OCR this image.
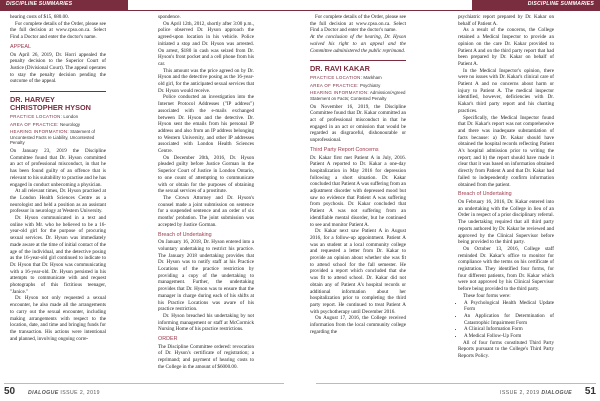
DISCIPLINE SUMMARIES	DISCIPLINE SUMMARIES

hearing costs of $15, 680.00.

For complete details of the Order, please see the full decision at www.cpso.on.ca. Select Find a Doctor and enter the doctor's name.

APPEAL

On April 26, 2019, Dr. Horri appealed the penalty decision to the Superior Court of Justice (Divisional Court). The appeal operates to stay the penalty decision pending the outcome of the appeal.

DR. HARVEY CHRISTOPHER HYSON
PRACTICE LOCATION: London
AREA OF PRACTICE: Neurology
HEARING INFORMATION: Statement of Uncontested Facts re Liability, Uncontested Penalty

On January 23, 2019 the Discipline Committee found that Dr. Hyson committed an act of professional misconduct, in that he has been found guilty of an offence that is relevant to his suitability to practise and he has engaged in conduct unbecoming a physician.

At all relevant times, Dr. Hyson practised at the London Health Sciences Centre as a neurologist and held a position as an assistant professor in neurology at Western University.

Dr. Hyson communicated in a text and online with Mr. who he believed to be a 16-year-old girl for the purpose of procuring sexual services. Dr. Hyson was immediately made aware at the time of initial contact of the age of the individual, and the detective posing as the 16-year-old girl continued to indicate to Dr. Hyson that Dr. Hyson was communicating with a 16-year-old. Dr. Hyson persisted in his attempts to communicate with and request photographs of this fictitious teenager, "Janice."

Dr. Hyson not only requested a sexual encounter, he also made all the arrangements to carry out the sexual encounter, including making arrangements with respect to the location, date, and time and bringing funds for the transaction. His actions were intentional and planned, involving ongoing corre-

spondence.

On April 12th, 2012, shortly after 3:00 p.m., police observed Dr. Hyson approach the agreed-upon location in his vehicle. Police initiated a stop and Dr. Hyson was arrested. On arrest, $180 in cash was seized from Dr. Hyson's front pocket and a cell phone from his car.

This amount was the price agreed on by Dr. Hyson and the detective posing as the 16-year-old girl, for the anticipated sexual services that Dr. Hyson would receive.

Police conducted an investigation into the Internet Protocol Addresses ("IP address") associated with the e-mails exchanged between Dr. Hyson and the detective. Dr. Hyson sent the emails from his personal IP address and also from an IP address belonging to Western University, and other IP addresses associated with London Health Sciences Centre.

On December 20th, 2016, Dr. Hyson pleaded guilty before Justice Gorman in the Superior Court of Justice in London Ontario, to one count of attempting to communicate with or obtain for the purposes of obtaining the sexual services of a prostitute.

The Crown Attorney and Dr. Hyson's counsel made a joint submission on sentence for a suspended sentence and an order of six months' probation. The joint submission was accepted by Justice Gorman.

Breach of Undertaking

On January 16, 2018, Dr. Hyson entered into a voluntary undertaking to restrict his practice. The January 2018 undertaking provides that Dr. Hyson was to notify staff at his Practice Locations of the practice restriction by providing a copy of the undertaking to management. Further, the undertaking provides that Dr. Hyson was to ensure that the manager in charge during each of his shifts at his Practice Locations was aware of his practice restriction.

Dr. Hyson breached his undertaking by not informing management or staff at McCormick Nursing Home of his practice restrictions.

ORDER

The Discipline Committee ordered: revocation of Dr. Hyson's certificate of registration; a reprimand; and payment of hearing costs to the College in the amount of $6000.00.

For complete details of the Order, please see the full decision at www.cpso.on.ca. Select Find a Doctor and enter the doctor's name.

At the conclusion of the hearing, Dr. Hyson waived his right to an appeal and the Committee administered the public reprimand.

DR. RAVI KAKAR
PRACTICE LOCATION: Markham
AREA OF PRACTICE: Psychiatry
HEARING INFORMATION: Admission/Agreed Statement on Facts; Contested Penalty

On November 16, 2019, the Discipline Committee found that Dr. Kakar committed an act of professional misconduct in that he engaged in an act or omission that would be regarded as disgraceful, dishonourable or unprofessional.

Third Party Report Concerns

Dr. Kakar first met Patient A in July, 2016. Patient A reported to Dr. Kakar a one-day hospitalization in May 2016 for depression following a short situation. Dr. Kakar concluded that Patient A was suffering from an adjustment disorder with depressed mood but saw no evidence that Patient A was suffering from psychosis. Dr. Kakar concluded that Patient A was not suffering from an identifiable mental disorder, but he continued to see and monitor Patient A.

Dr. Kakar next saw Patient A in August 2016, for a follow-up appointment. Patient A was an student at a local community college and requested a letter from Dr. Kakar to provide an opinion about whether she was fit to attend school for the fall semester. He provided a report which concluded that she was fit to attend school. Dr. Kakar did not obtain any of Patient A's hospital records or additional information about her hospitalization prior to completing the third party report. He continued to treat Patient A with psychotherapy until December 2016.

On August 17, 2016, the College received information from the local community college regarding the

psychiatric report prepared by Dr. Kakar on behalf of Patient A.

As a result of the concerns, the College retained a Medical Inspector to provide an opinion on the care Dr. Kakar provided to Patient A and on the third party report that had been prepared by Dr. Kakar on behalf of Patient A.

In the Medical Inspector's opinion, there were no issues with Dr. Kakar's clinical care of Patient A and no concerns about harm or injury to Patient A. The medical inspector identified, however, deficiencies with Dr. Kakar's third party report and his charting practices.

Specifically, the Medical Inspector found that Dr. Kakar's report was not comprehensive and there was inadequate substantiation of facts because: a) Dr. Kakar should have obtained the hospital records reflecting Patient A's hospital admission prior to writing the report; and b) the report should have made it clear that it was based on information obtained directly from Patient A and that Dr. Kakar had failed to independently confirm information obtained from the patient.

Breach of Undertaking

On February 16, 2016, Dr. Kakar entered into an undertaking with the College in lieu of an Order in respect of a prior disciplinary referral. The undertaking required that all third party reports authored by Dr. Kakar be reviewed and approved by the Clinical Supervisor before being provided to the third party.

On October 13, 2016, College staff reminded Dr. Kakar's office to monitor for compliance with the terms on his certificate of registration. They identified four forms, for four different patients, from Dr. Kakar which were not approved by his Clinical Supervisor before being provided to the third party.

These four forms were:

• A Psychological Health Medical Update Form
• An Application for Determination of Catastrophic Impairment Form
• A Clinical Information Form
• A Medical Follow-Up Form

All of four forms constituted Third Party Reports pursuant to the College's Third Party Reports Policy.

50 DIALOGUE ISSUE 2, 2019	ISSUE 2, 2019 DIALOGUE 51
